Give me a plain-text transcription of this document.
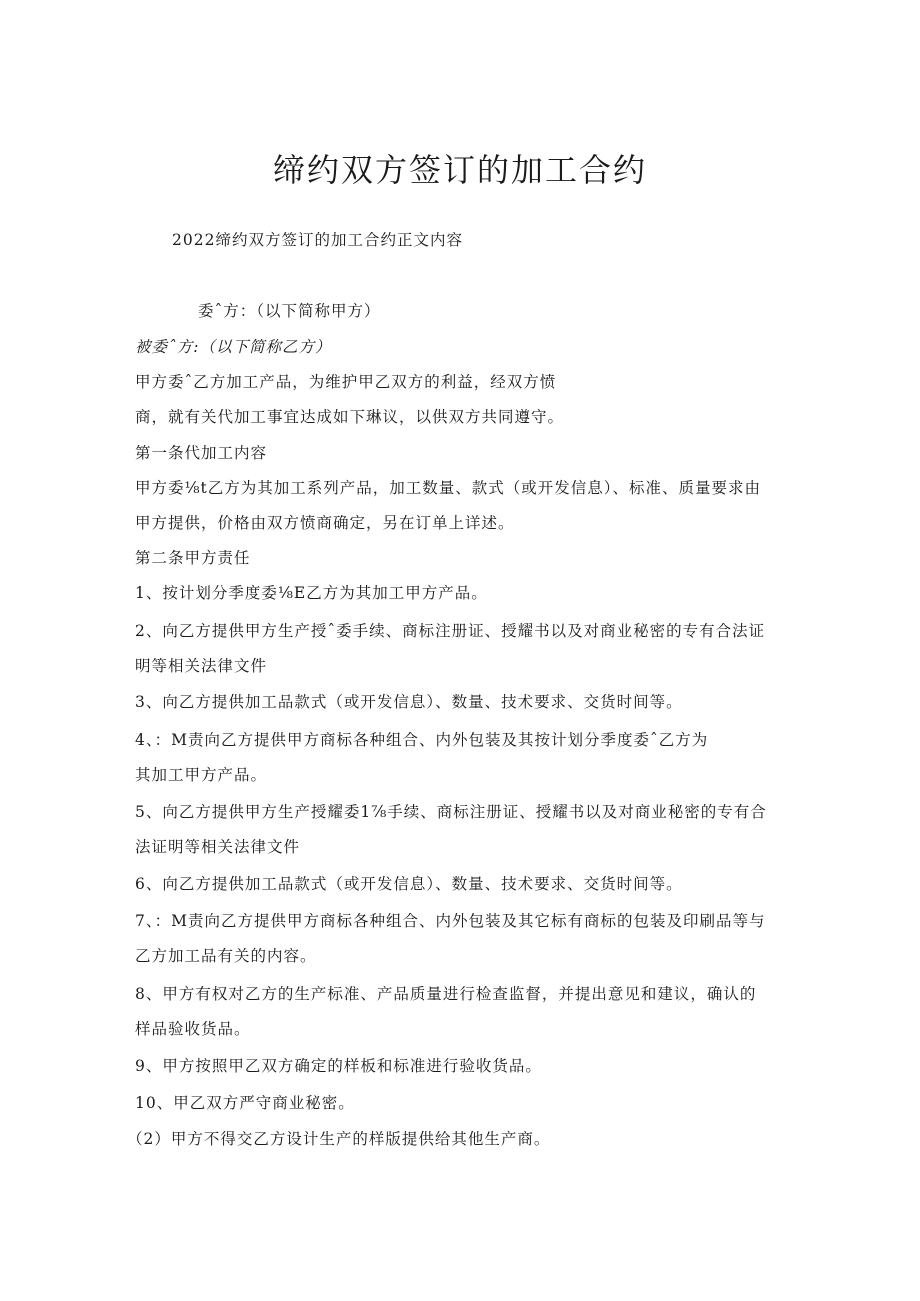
缔约双方签订的加工合约
2022缔约双方签订的加工合约正文内容
委ˆ方：（以下简称甲方）
被委ˆ方:（以下简称乙方）
甲方委ˆ乙方加工产品，为维护甲乙双方的利益，经双方愤
商，就有关代加工事宜达成如下琳议，以供双方共同遵守。
第一条代加工内容
甲方委⅛t乙方为其加工系列产品，加工数量、款式（或开发信息）、标准、质量要求由
甲方提供，价格由双方愤商确定，另在订单上详述。
第二条甲方责任
1、按计划分季度委⅛E乙方为其加工甲方产品。
2、向乙方提供甲方生产授ˆ委手续、商标注册证、授耀书以及对商业秘密的专有合法证
明等相关法律文件
3、向乙方提供加工品款式（或开发信息）、数量、技术要求、交货时间等。
4、：M责向乙方提供甲方商标各种组合、内外包装及其按计划分季度委ˆ乙方为
其加工甲方产品。
5、向乙方提供甲方生产授耀委1⅞手续、商标注册证、授耀书以及对商业秘密的专有合
法证明等相关法律文件
6、向乙方提供加工品款式（或开发信息）、数量、技术要求、交货时间等。
7、：M责向乙方提供甲方商标各种组合、内外包装及其它标有商标的包装及印刷品等与
乙方加工品有关的内容。
8、甲方有权对乙方的生产标准、产品质量进行检查监督，并提出意见和建议，确认的
样品验收货品。
9、甲方按照甲乙双方确定的样板和标准进行验收货品。
10、甲乙双方严守商业秘密。
（2）甲方不得交乙方设计生产的样版提供给其他生产商。
